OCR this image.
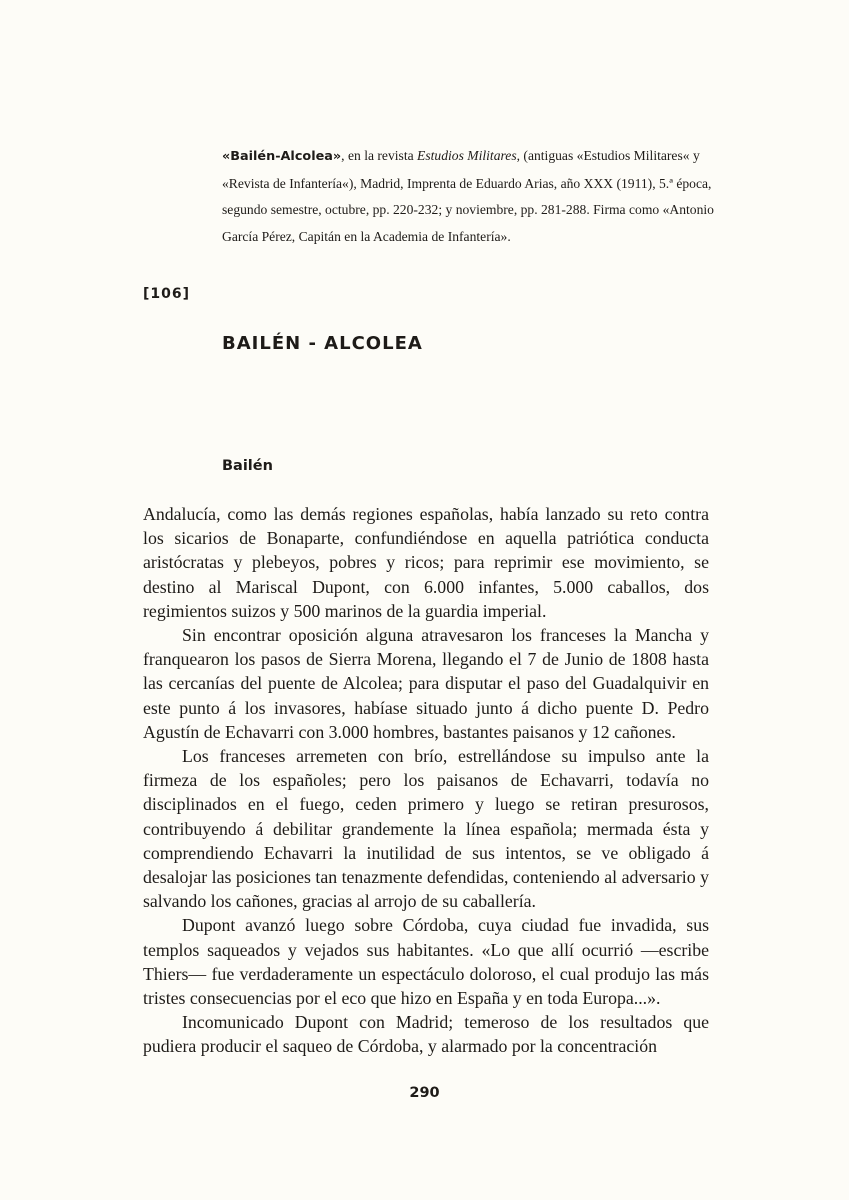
«Bailén-Alcolea», en la revista Estudios Militares, (antiguas «Estudios Militares« y «Revista de Infantería«), Madrid, Imprenta de Eduardo Arias, año XXX (1911), 5.ª época, segundo semestre, octubre, pp. 220-232; y noviembre, pp. 281-288. Firma como «Antonio García Pérez, Capitán en la Academia de Infantería».
[106]
BAILÉN - ALCOLEA
Bailén

Andalucía, como las demás regiones españolas, había lanzado su reto contra los sicarios de Bonaparte, confundiéndose en aquella patriótica conducta aristócratas y plebeyos, pobres y ricos; para reprimir ese movimiento, se destino al Mariscal Dupont, con 6.000 infantes, 5.000 caballos, dos regimientos suizos y 500 marinos de la guardia imperial.

Sin encontrar oposición alguna atravesaron los franceses la Mancha y franquearon los pasos de Sierra Morena, llegando el 7 de Junio de 1808 hasta las cercanías del puente de Alcolea; para disputar el paso del Guadalquivir en este punto á los invasores, habíase situado junto á dicho puente D. Pedro Agustín de Echavarri con 3.000 hombres, bastantes paisanos y 12 cañones.

Los franceses arremeten con brío, estrellándose su impulso ante la firmeza de los españoles; pero los paisanos de Echavarri, todavía no disciplinados en el fuego, ceden primero y luego se retiran presurosos, contribuyendo á debilitar grandemente la línea española; mermada ésta y comprendiendo Echavarri la inutilidad de sus intentos, se ve obligado á desalojar las posiciones tan tenazmente defendidas, conteniendo al adversario y salvando los cañones, gracias al arrojo de su caballería.

Dupont avanzó luego sobre Córdoba, cuya ciudad fue invadida, sus templos saqueados y vejados sus habitantes. «Lo que allí ocurrió —escribe Thiers— fue verdaderamente un espectáculo doloroso, el cual produjo las más tristes consecuencias por el eco que hizo en España y en toda Europa...».

Incomunicado Dupont con Madrid; temeroso de los resultados que pudiera producir el saqueo de Córdoba, y alarmado por la concentración

290
